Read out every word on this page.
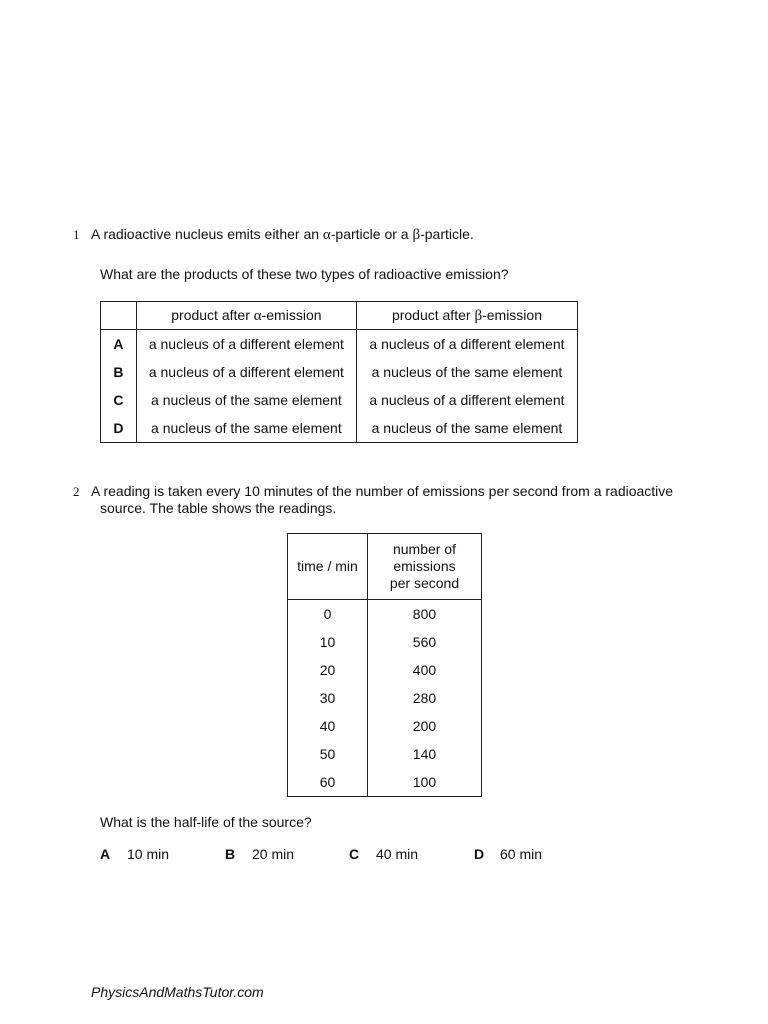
1 A radioactive nucleus emits either an α-particle or a β-particle.
What are the products of these two types of radioactive emission?
	product after α-emission	product after β-emission
A	a nucleus of a different element	a nucleus of a different element
B	a nucleus of a different element	a nucleus of the same element
C	a nucleus of the same element	a nucleus of a different element
D	a nucleus of the same element	a nucleus of the same element
2 A reading is taken every 10 minutes of the number of emissions per second from a radioactive
source. The table shows the readings.
time / min	number of
emissions
per second

0	800
10	560
20	400
30	280
40	200
50	140
60	100
What is the half-life of the source?
A 10 min	B 20 min	C 40 min	D 60 min
PhysicsAndMathsTutor.com
